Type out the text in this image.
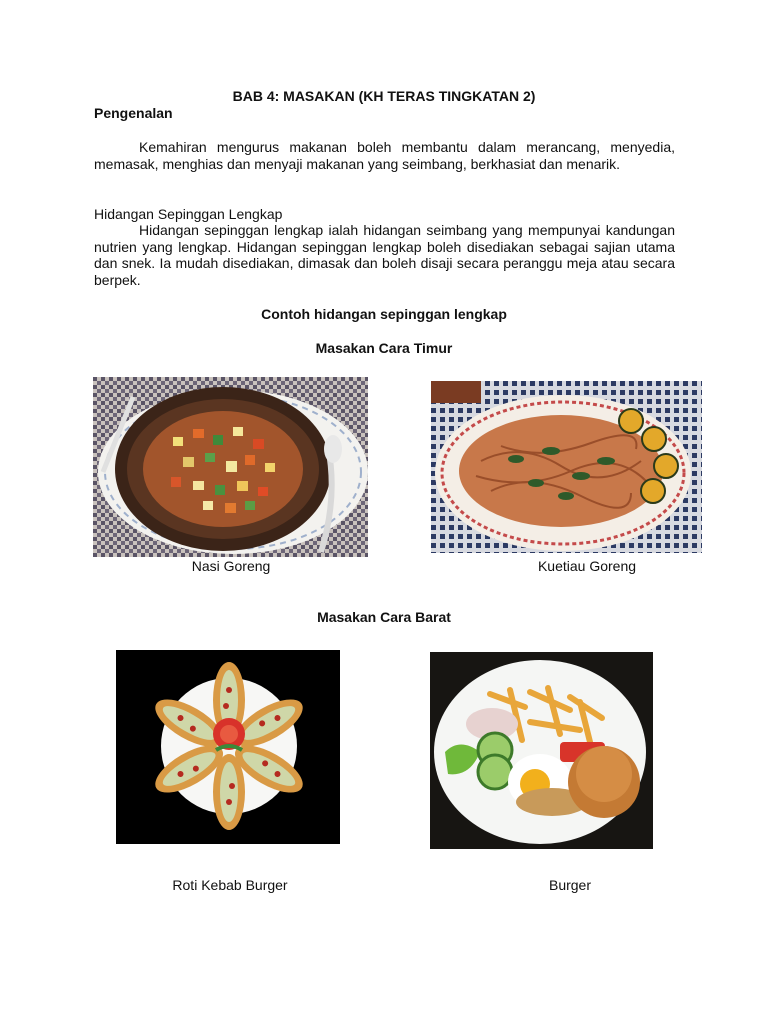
BAB 4: MASAKAN (KH TERAS TINGKATAN 2)
Pengenalan

Kemahiran mengurus makanan boleh membantu dalam merancang, menyedia, memasak, menghias dan menyaji makanan yang seimbang, berkhasiat dan menarik.

Hidangan Sepinggan Lengkap

Hidangan sepinggan lengkap ialah hidangan seimbang yang mempunyai kandungan nutrien yang lengkap. Hidangan sepinggan lengkap boleh disediakan sebagai sajian utama dan snek. Ia mudah disediakan, dimasak dan boleh disaji secara peranggu meja atau secara berpek.

Contoh hidangan sepinggan lengkap
Masakan Cara Timur
Nasi Goreng	Kuetiau Goreng
Masakan Cara Barat
Roti Kebab Burger	Burger
